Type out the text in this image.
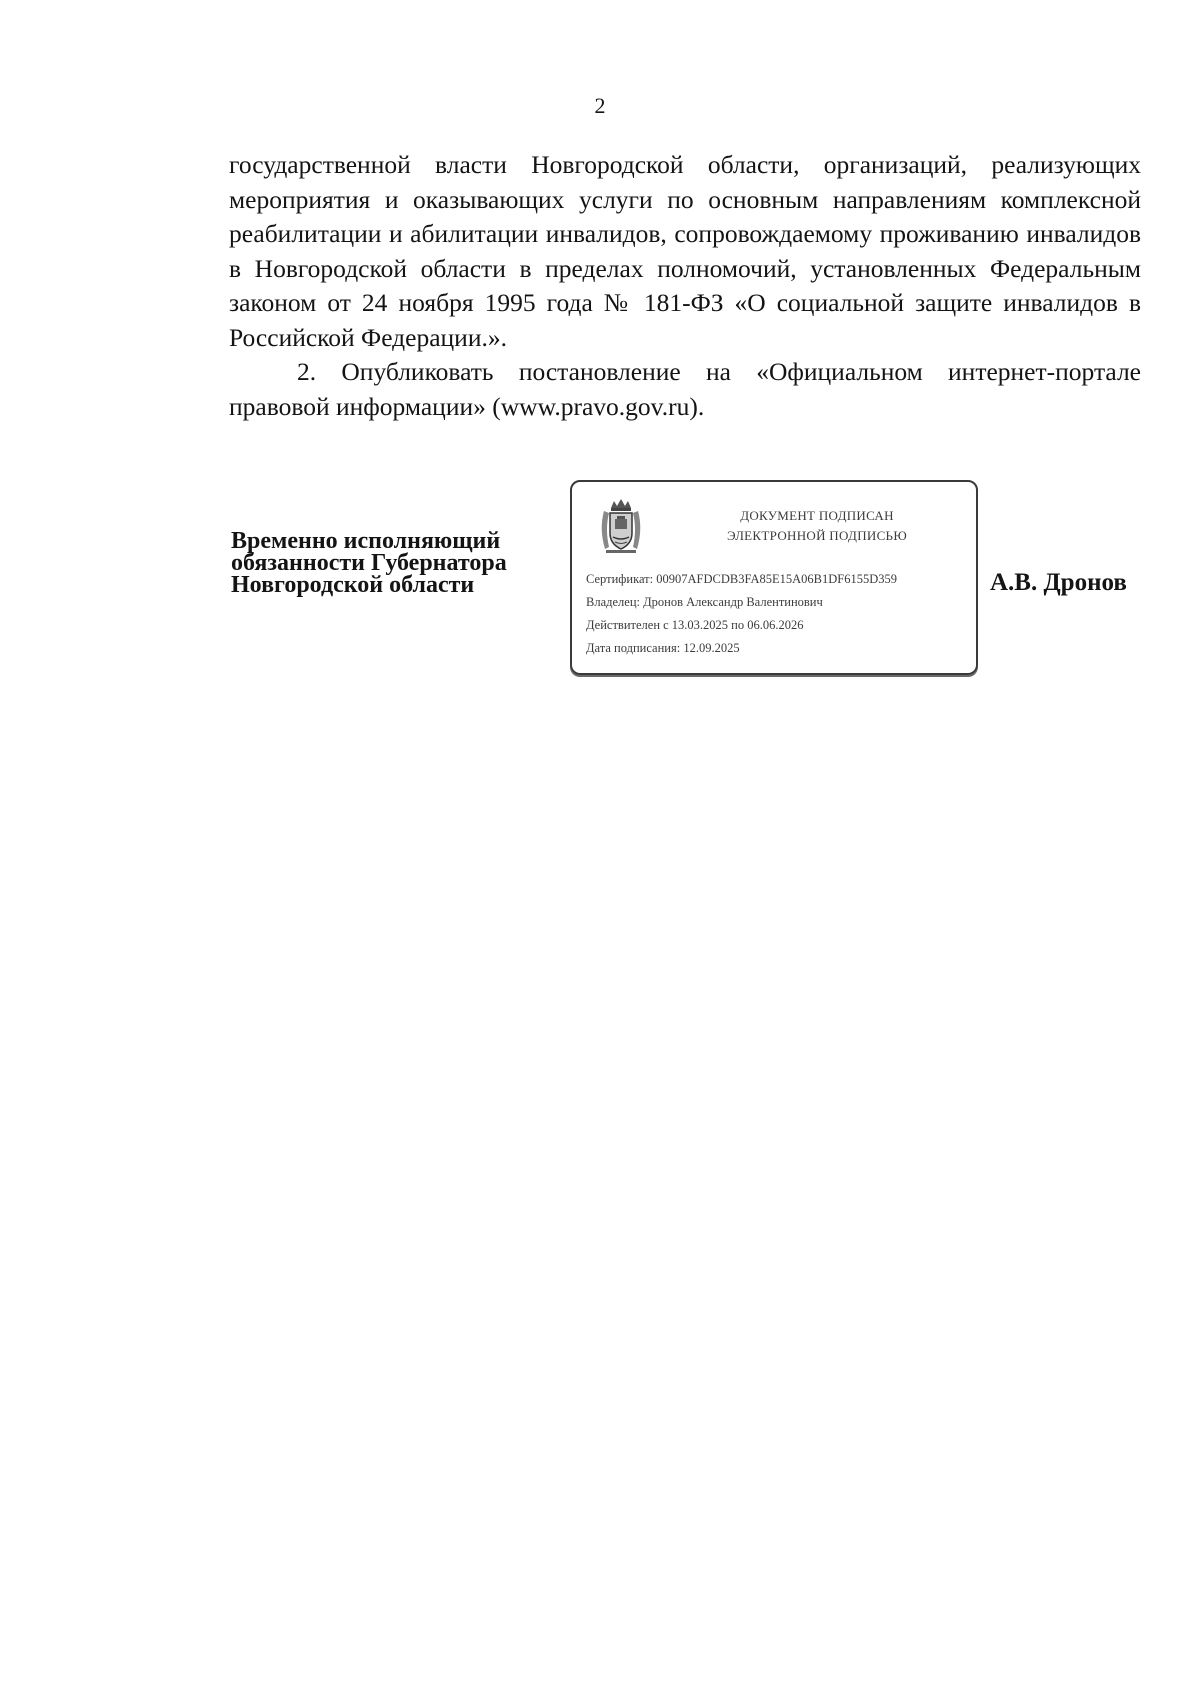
2

государственной власти Новгородской области, организаций, реализующих мероприятия и оказывающих услуги по основным направлениям комплексной реабилитации и абилитации инвалидов, сопровождаемому проживанию инвалидов в Новгородской области в пределах полномочий, установленных Федеральным законом от 24 ноября 1995 года № 181-ФЗ «О социальной защите инвалидов в Российской Федерации.».

2. Опубликовать постановление на «Официальном интернет-портале правовой информации» (www.pravo.gov.ru).

Временно исполняющий
обязанности Губернатора
Новгородской области
ДОКУМЕНТ ПОДПИСАН
ЭЛЕКТРОННОЙ ПОДПИСЬЮ
Сертификат: 00907AFDCDB3FA85E15A06B1DF6155D359
Владелец: Дронов Александр Валентинович
Действителен с 13.03.2025 по 06.06.2026
Дата подписания: 12.09.2025
А.В. Дронов
